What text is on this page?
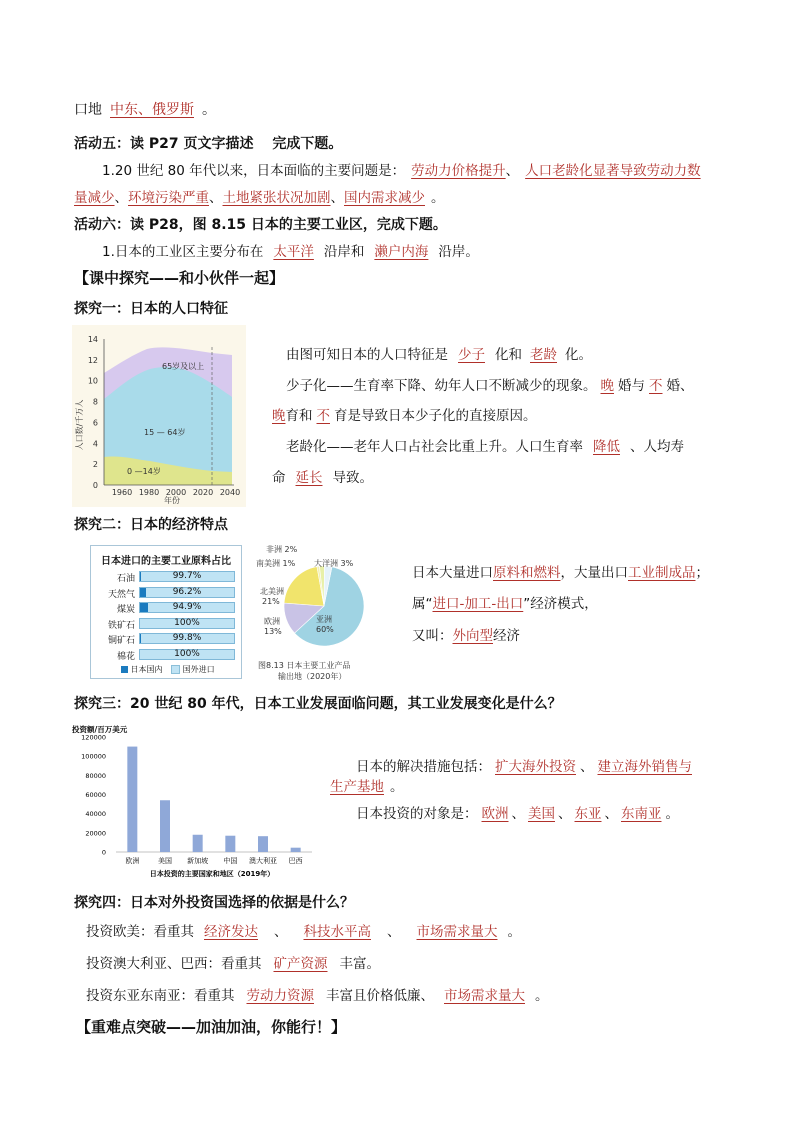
口地 中东、俄罗斯 。
活动五：读 P27 页文字描述　 完成下题。
1.20 世纪 80 年代以来，日本面临的主要问题是： 劳动力价格提升、 人口老龄化显著导致劳动力数
量减少、环境污染严重、土地紧张状况加剧、国内需求减少 。
活动六：读 P28，图 8.15 日本的主要工业区，完成下题。
1.日本的工业区主要分布在 太平洋 沿岸和 濑户内海 沿岸。
【课中探究——和小伙伴一起】
探究一：日本的人口特征
14
12
10
8
6
4
2
0
1960 1980 2000 2020 2040
人口数/千万人
年份
65岁及以上
15 — 64岁
0 —14岁
由图可知日本的人口特征是 少子 化和 老龄 化。
少子化——生育率下降、幼年人口不断减少的现象。 晚 婚与 不 婚、
晚育和 不 育是导致日本少子化的直接原因。
老龄化——老年人口占社会比重上升。人口生育率 降低 、人均寿
命 延长 导致。
探究二：日本的经济特点
日本进口的主要工业原料占比
石油	99.7%
天然气	96.2%
煤炭	94.9%
铁矿石	100%
铜矿石	99.8%
棉花	100%
日本国内	国外进口
非洲 2%
南美洲 1% 大洋洲 3%
北美洲
21%
欧洲
13%
亚洲
60%
图8.13 日本主要工业产品
输出地（2020年）
日本大量进口原料和燃料，大量出口工业制成品；
属“进口-加工-出口”经济模式，
又叫：外向型经济
探究三：20 世纪 80 年代，日本工业发展面临问题，其工业发展变化是什么？
投资额/百万美元
120000
100000
80000
60000
40000
20000
0
欧洲	美国 新加坡 中国 澳大利亚 巴西
日本投资的主要国家和地区（2019年）
日本的解决措施包括： 扩大海外投资 、 建立海外销售与
生产基地 。
日本投资的对象是： 欧洲 、 美国 、 东亚 、 东南亚 。
探究四：日本对外投资国选择的依据是什么？
投资欧美：看重其 经济发达 、 科技水平高 、 市场需求量大 。
投资澳大利亚、巴西：看重其 矿产资源 丰富。
投资东亚东南亚：看重其 劳动力资源 丰富且价格低廉、 市场需求量大 。
【重难点突破——加油加油，你能行！】
